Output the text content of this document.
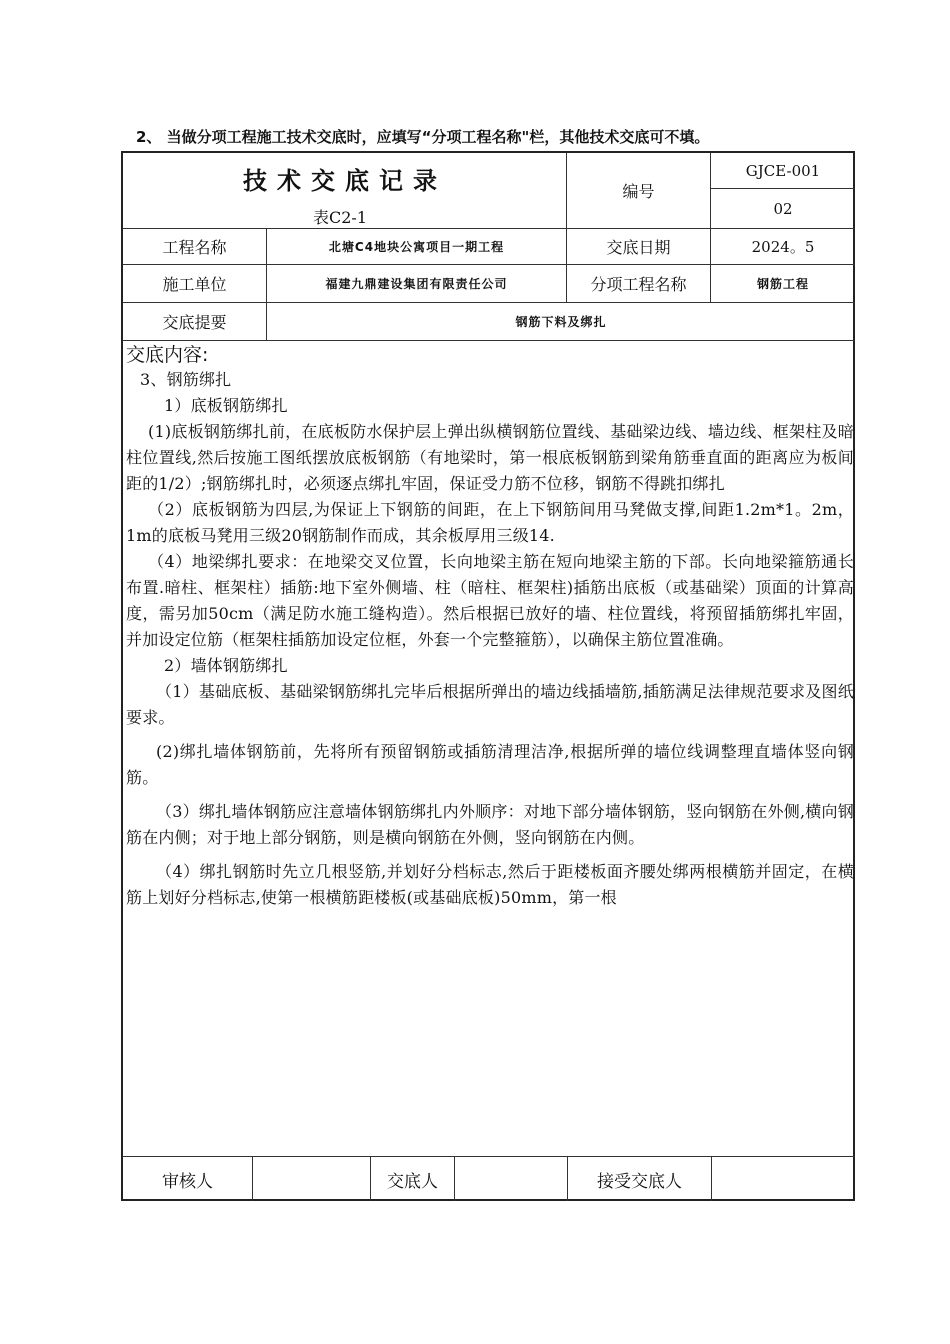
2、 当做分项工程施工技术交底时，应填写“分项工程名称"栏，其他技术交底可不填。
技术交底记录
表C2-1
编号
GJCE-001
02
工程名称	北塘C4地块公寓项目一期工程	交底日期	2024。5
施工单位	福建九鼎建设集团有限责任公司	分项工程名称	钢筋工程
交底提要	钢筋下料及绑扎
交底内容:

3、钢筋绑扎

1）底板钢筋绑扎

(1)底板钢筋绑扎前，在底板防水保护层上弹出纵横钢筋位置线、基础梁边线、墙边线、框架柱及暗柱位置线,然后按施工图纸摆放底板钢筋（有地梁时，第一根底板钢筋到梁角筋垂直面的距离应为板间距的1/2）;钢筋绑扎时，必须逐点绑扎牢固，保证受力筋不位移，钢筋不得跳扣绑扎

（2）底板钢筋为四层,为保证上下钢筋的间距，在上下钢筋间用马凳做支撑,间距1.2m*1。2m，1m的底板马凳用三级20钢筋制作而成，其余板厚用三级14.

（4）地梁绑扎要求：在地梁交叉位置，长向地梁主筋在短向地梁主筋的下部。长向地梁箍筋通长布置.暗柱、框架柱）插筋:地下室外侧墙、柱（暗柱、框架柱)插筋出底板（或基础梁）顶面的计算高度，需另加50cm（满足防水施工缝构造）。然后根据已放好的墙、柱位置线，将预留插筋绑扎牢固，并加设定位筋（框架柱插筋加设定位框，外套一个完整箍筋），以确保主筋位置准确。

2）墙体钢筋绑扎

（1）基础底板、基础梁钢筋绑扎完毕后根据所弹出的墙边线插墙筋,插筋满足法律规范要求及图纸要求。

(2)绑扎墙体钢筋前，先将所有预留钢筋或插筋清理洁净,根据所弹的墙位线调整理直墙体竖向钢筋。

（3）绑扎墙体钢筋应注意墙体钢筋绑扎内外顺序：对地下部分墙体钢筋，竖向钢筋在外侧,横向钢筋在内侧；对于地上部分钢筋，则是横向钢筋在外侧，竖向钢筋在内侧。

（4）绑扎钢筋时先立几根竖筋,并划好分档标志,然后于距楼板面齐腰处绑两根横筋并固定，在横筋上划好分档标志,使第一根横筋距楼板(或基础底板)50mm，第一根

审核人	交底人	接受交底人
